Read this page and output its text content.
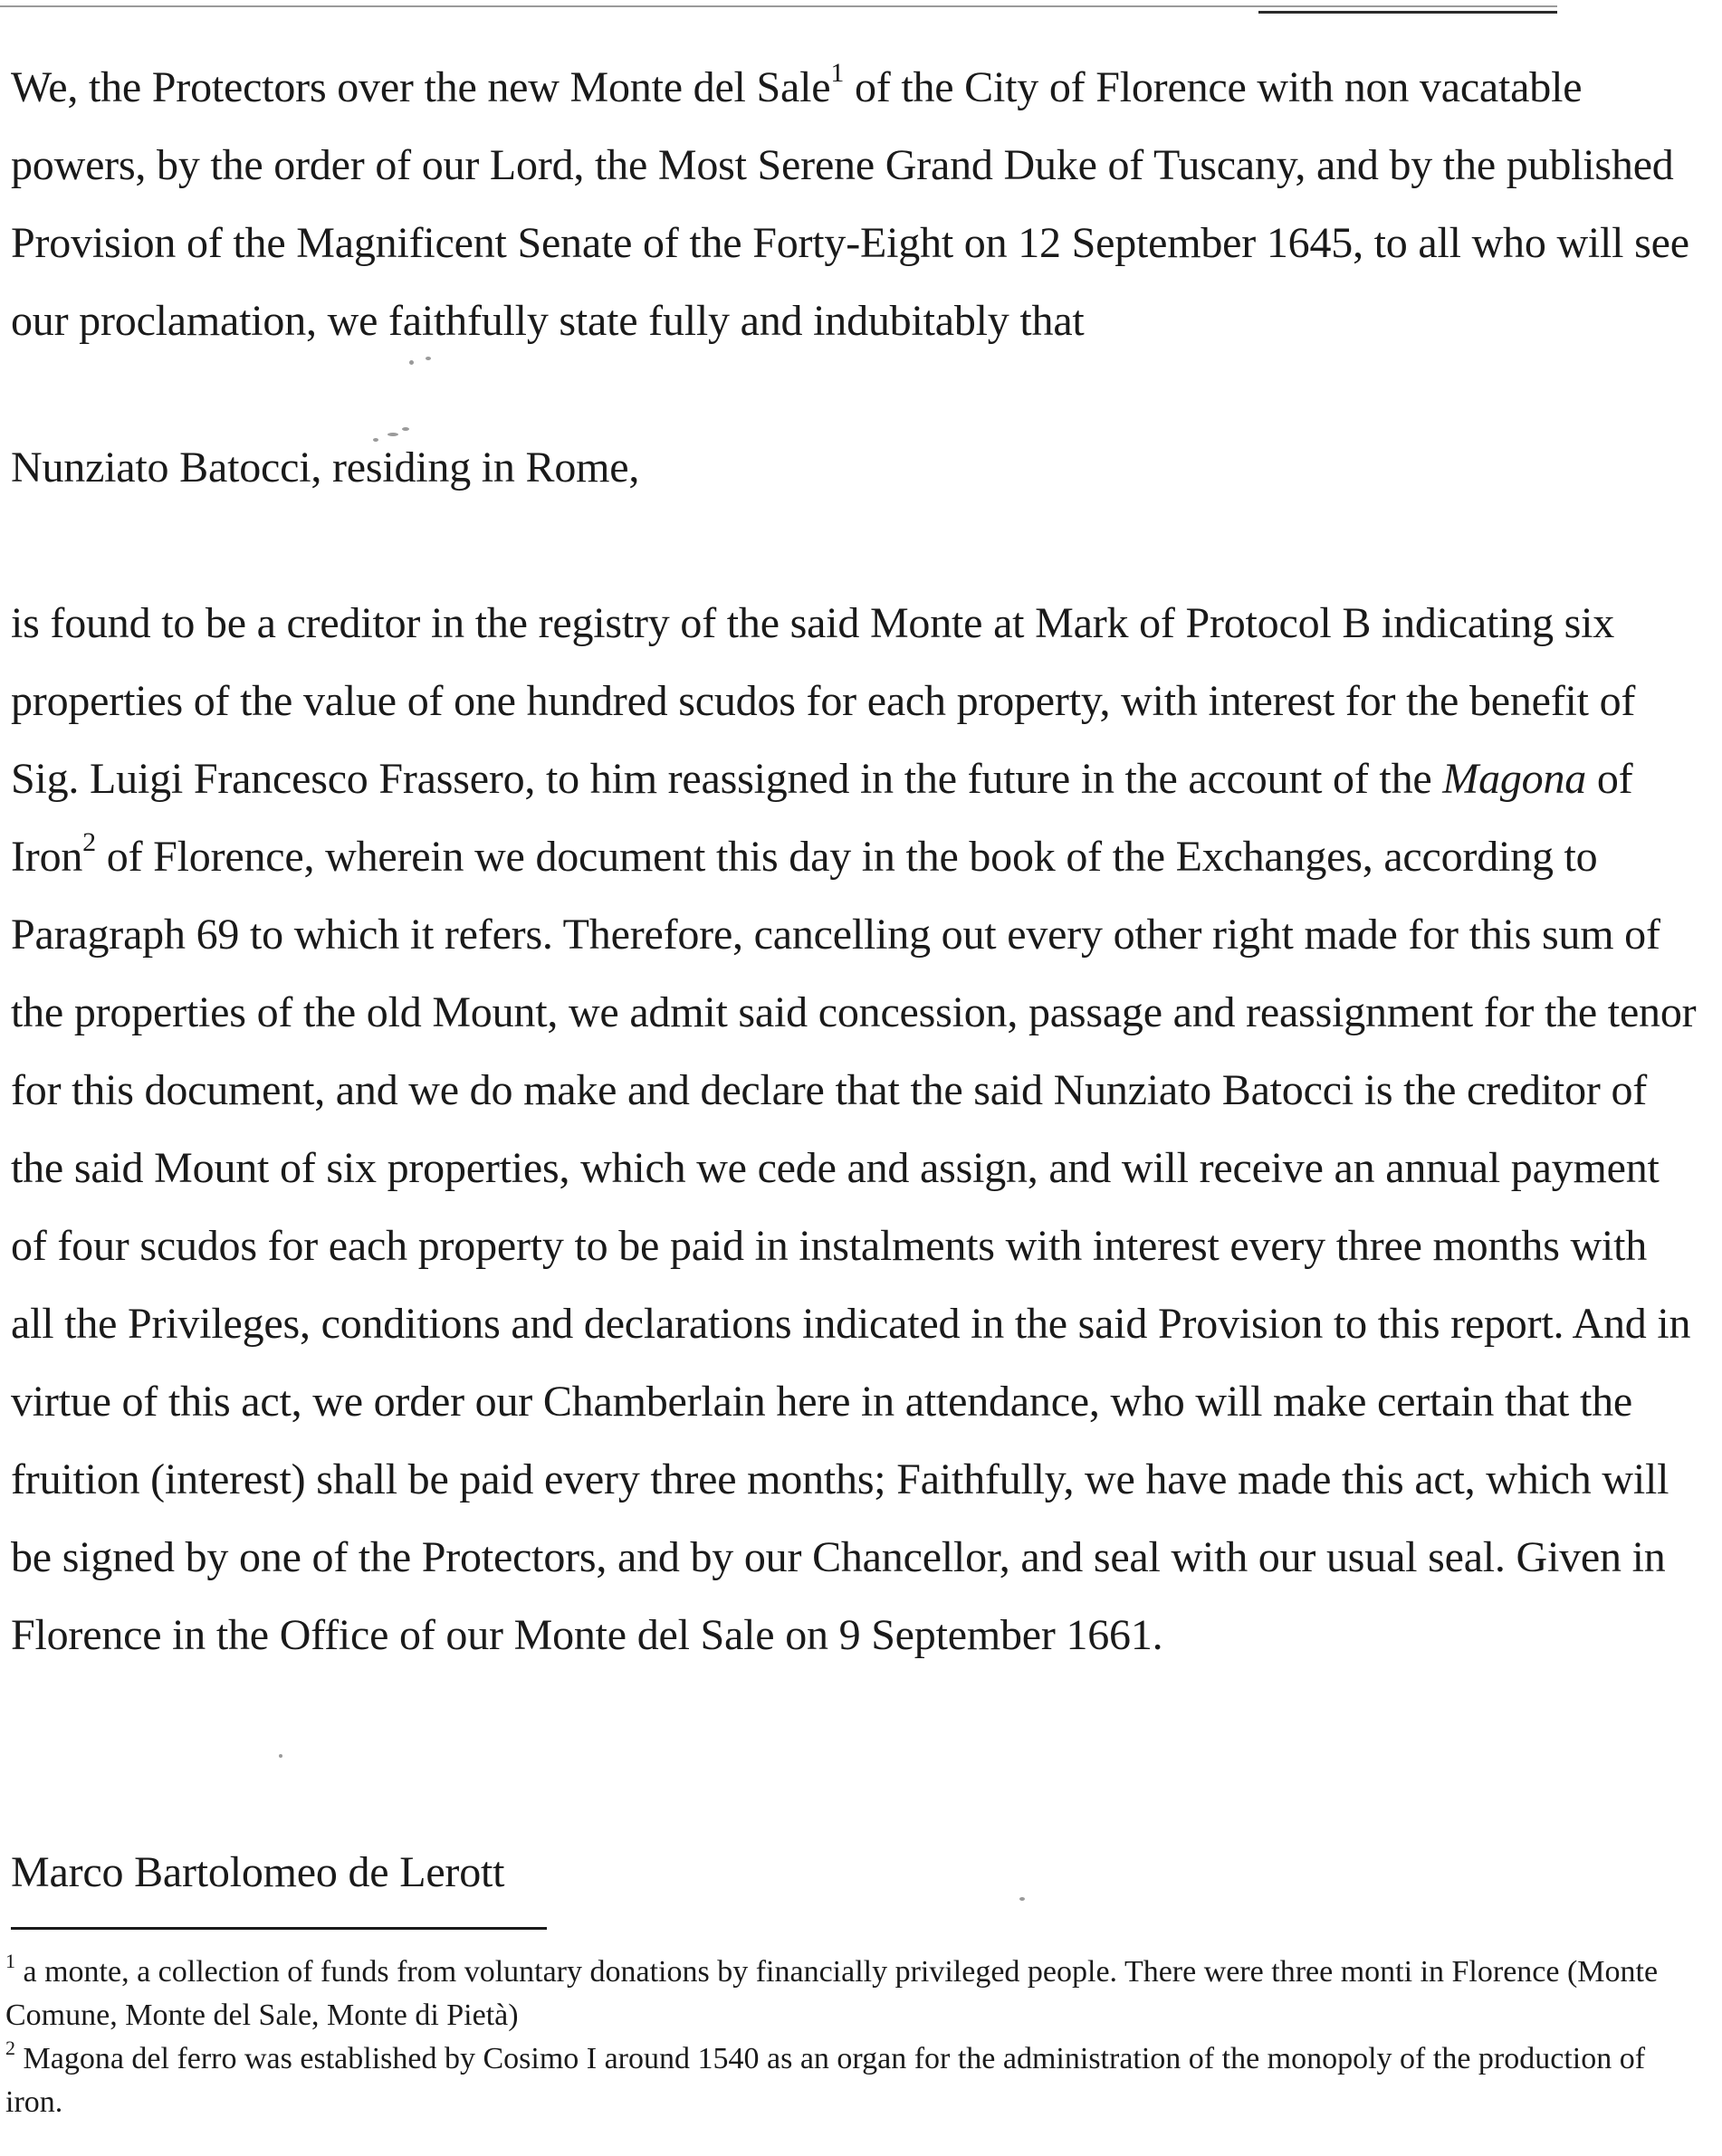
We, the Protectors over the new Monte del Sale$^1$ of the City of Florence with non vacatable powers, by the order of our Lord, the Most Serene Grand Duke of Tuscany, and by the published Provision of the Magnificent Senate of the Forty-Eight on 12 September 1645, to all who will see our proclamation, we faithfully state fully and indubitably that

Nunziato Batocci, residing in Rome,

is found to be a creditor in the registry of the said Monte at Mark of Protocol B indicating six properties of the value of one hundred scudos for each property, with interest for the benefit of Sig. Luigi Francesco Frassero, to him reassigned in the future in the account of the Magona of Iron$^2$ of Florence, wherein we document this day in the book of the Exchanges, according to Paragraph 69 to which it refers. Therefore, cancelling out every other right made for this sum of the properties of the old Mount, we admit said concession, passage and reassignment for the tenor for this document, and we do make and declare that the said Nunziato Batocci is the creditor of the said Mount of six properties, which we cede and assign, and will receive an annual payment of four scudos for each property to be paid in instalments with interest every three months with all the Privileges, conditions and declarations indicated in the said Provision to this report. And in virtue of this act, we order our Chamberlain here in attendance, who will make certain that the fruition (interest) shall be paid every three months; Faithfully, we have made this act, which will be signed by one of the Protectors, and by our Chancellor, and seal with our usual seal. Given in Florence in the Office of our Monte del Sale on 9 September 1661.

Marco Bartolomeo de Lerott

$^1$ a monte, a collection of funds from voluntary donations by financially privileged people. There were three monti in Florence (Monte Comune, Monte del Sale, Monte di Pietà)

$^2$ Magona del ferro was established by Cosimo I around 1540 as an organ for the administration of the monopoly of the production of iron.
